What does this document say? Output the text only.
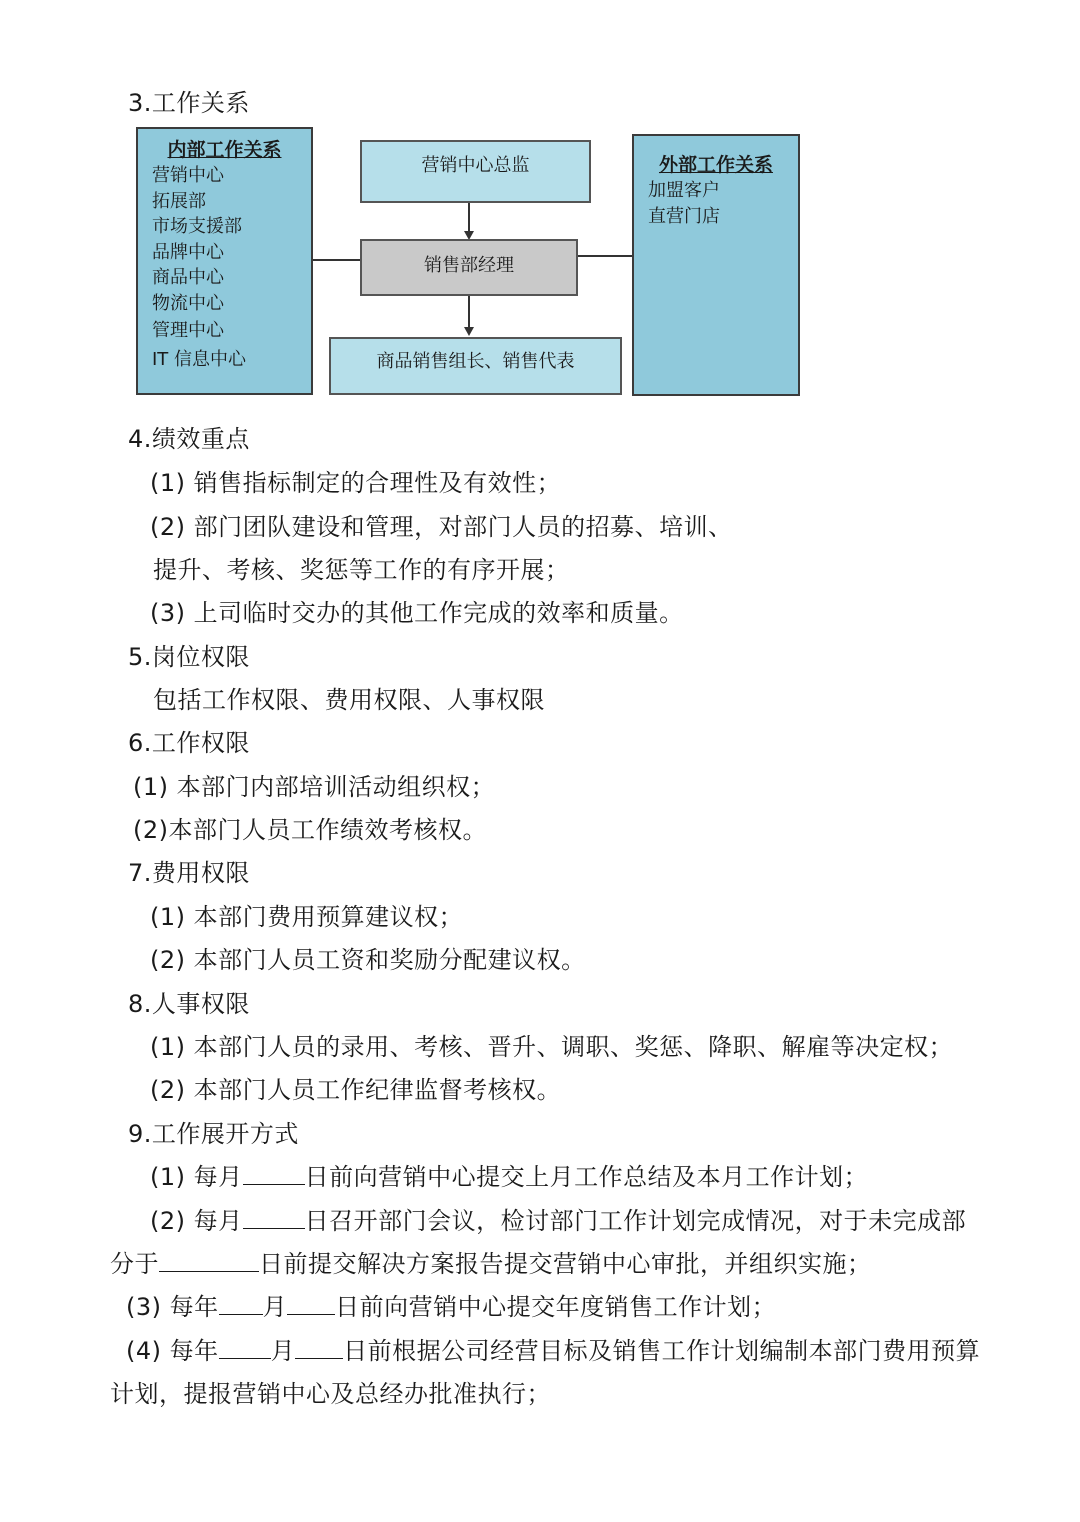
3.工作关系
内部工作关系
营销中心
拓展部
市场支援部
品牌中心
商品中心
物流中心
管理中心
IT 信息中心
外部工作关系
加盟客户
直营门店
营销中心总监
销售部经理
商品销售组长、销售代表
4.绩效重点
(1) 销售指标制定的合理性及有效性；
(2) 部门团队建设和管理，对部门人员的招募、培训、
提升、考核、奖惩等工作的有序开展；
(3) 上司临时交办的其他工作完成的效率和质量。
5.岗位权限
包括工作权限、费用权限、人事权限
6.工作权限
(1) 本部门内部培训活动组织权；
(2)本部门人员工作绩效考核权。
7.费用权限
(1) 本部门费用预算建议权；
(2) 本部门人员工资和奖励分配建议权。
8.人事权限
(1) 本部门人员的录用、考核、晋升、调职、奖惩、降职、解雇等决定权；
(2) 本部门人员工作纪律监督考核权。
9.工作展开方式
(1) 每月	日前向营销中心提交上月工作总结及本月工作计划；
(2) 每月	日召开部门会议，检讨部门工作计划完成情况，对于未完成部
分于	日前提交解决方案报告提交营销中心审批，并组织实施；
(3) 每年 月 日前向营销中心提交年度销售工作计划；
(4) 每年 月 日前根据公司经营目标及销售工作计划编制本部门费用预算
计划，提报营销中心及总经办批准执行；
